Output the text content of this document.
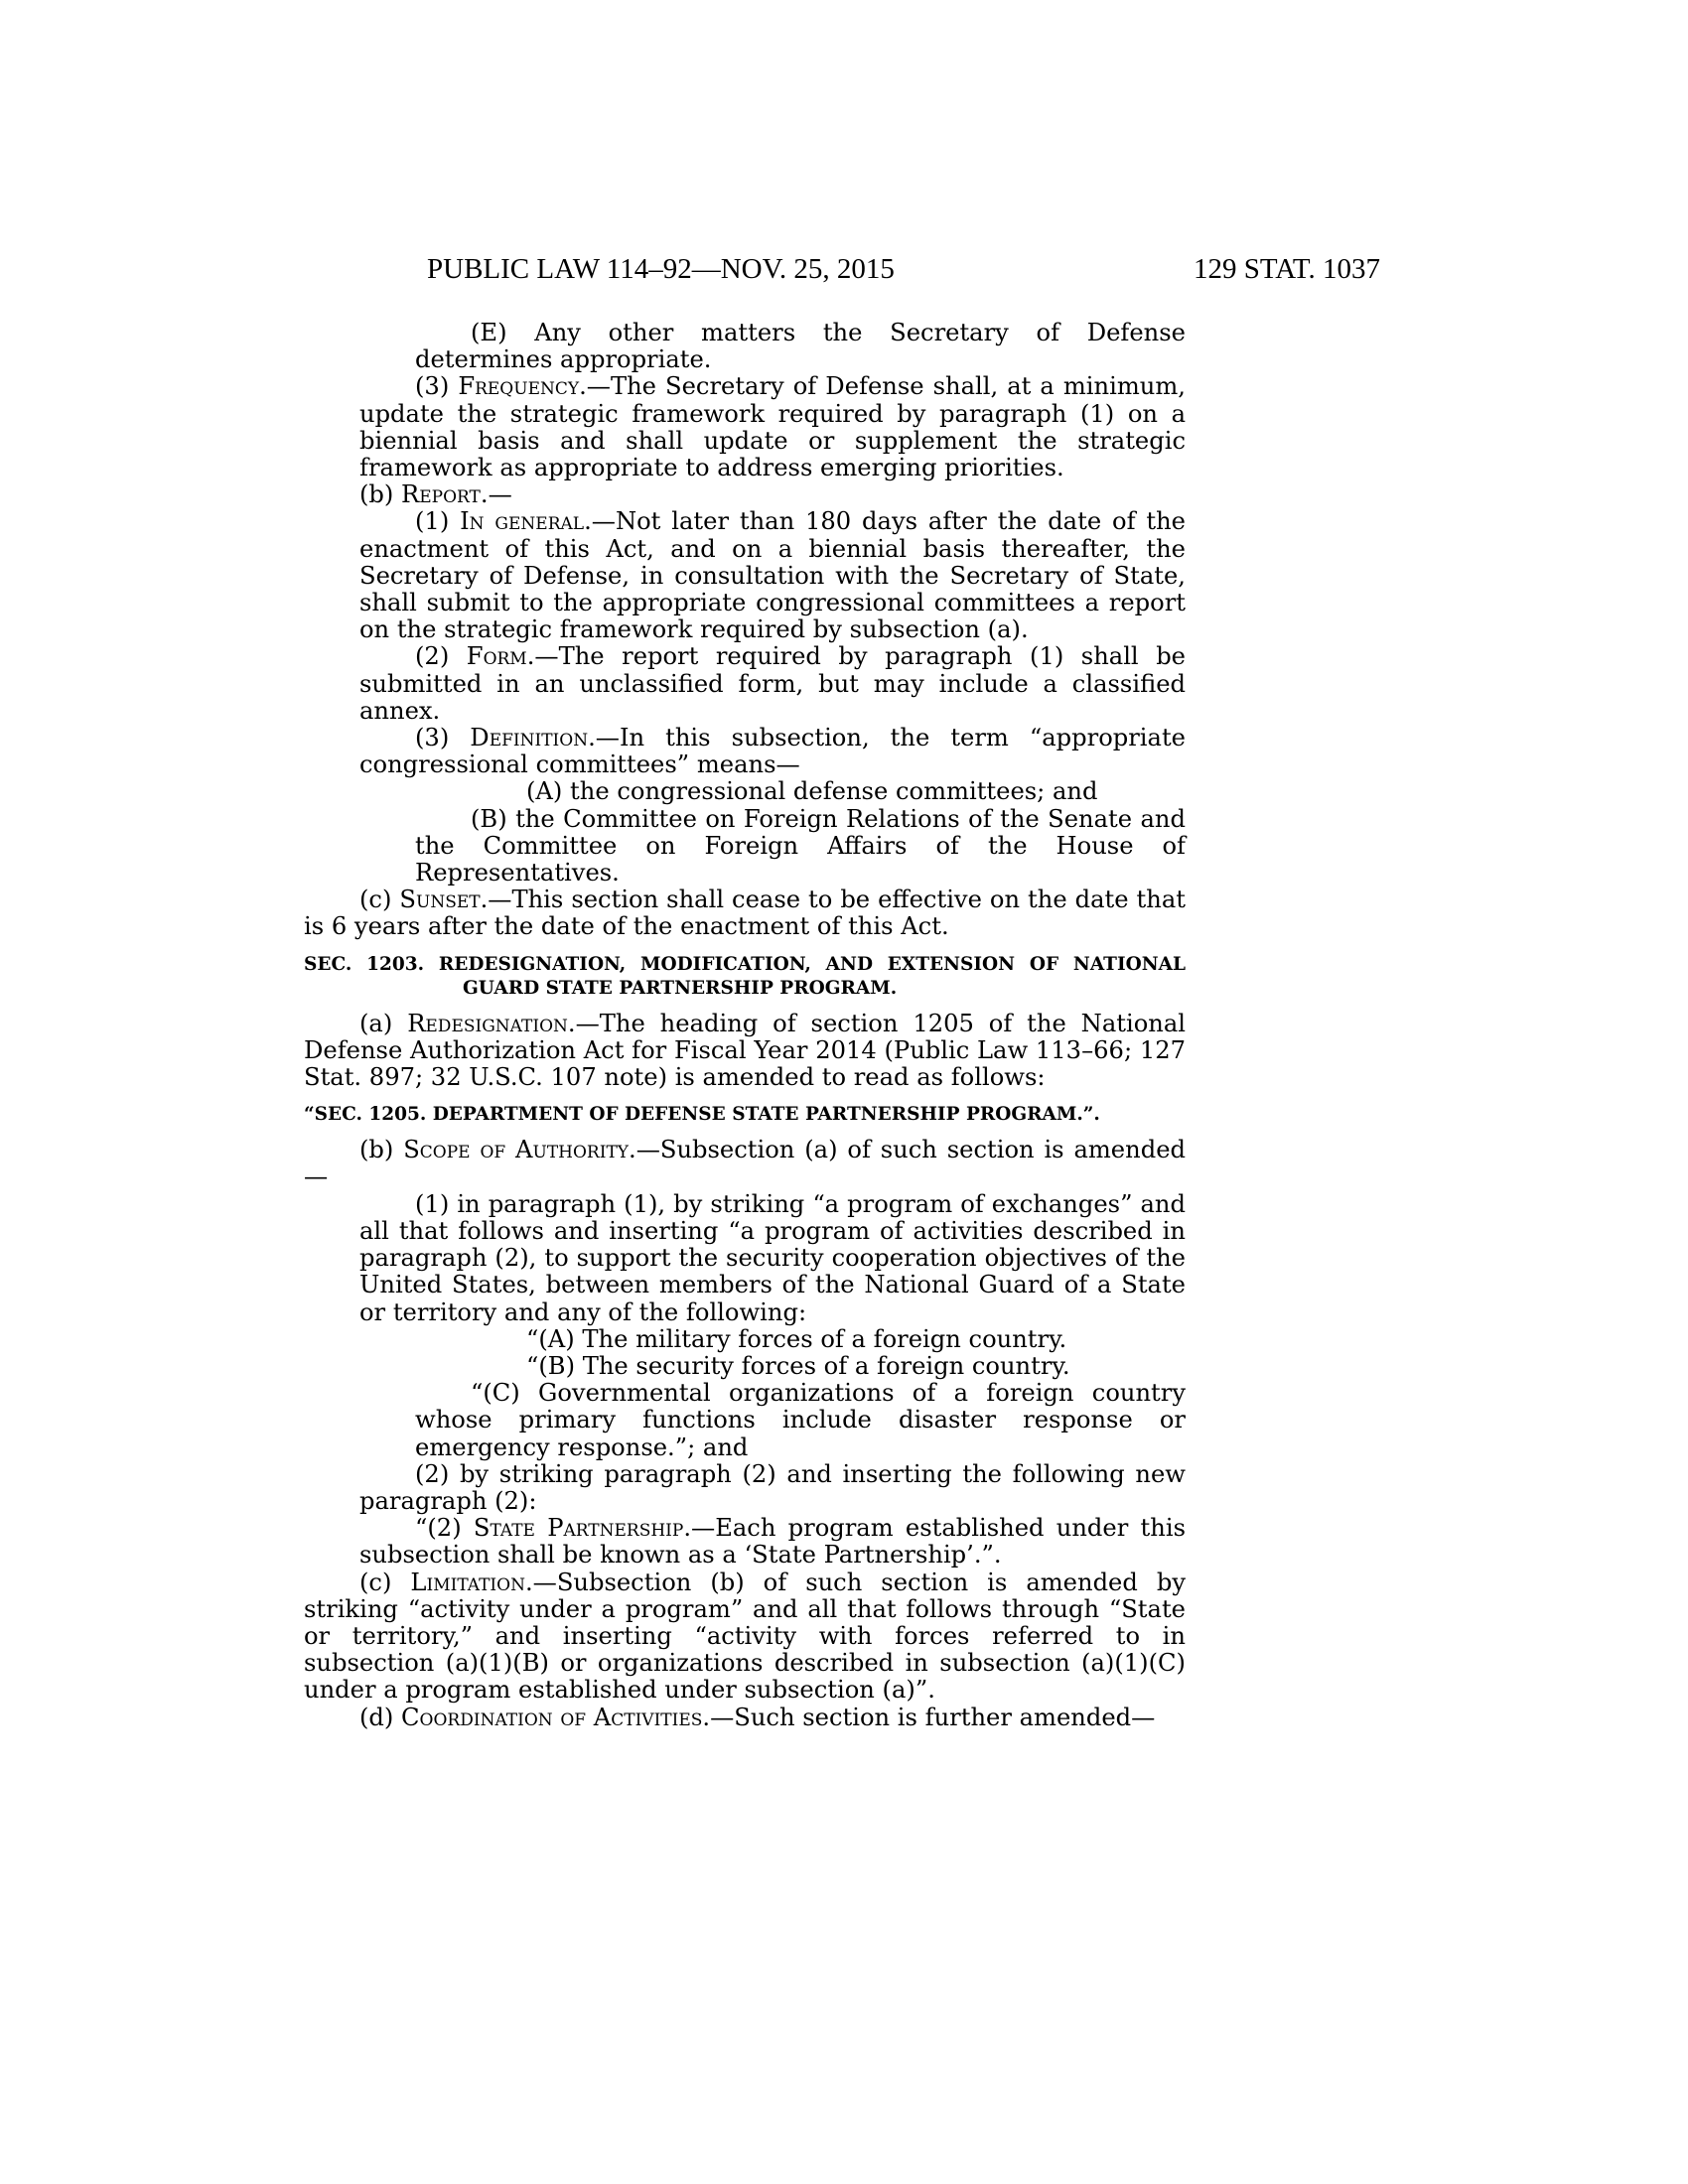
PUBLIC LAW 114–92—NOV. 25, 2015	129 STAT. 1037

(E) Any other matters the Secretary of Defense determines appropriate.

(3) Frequency.—The Secretary of Defense shall, at a minimum, update the strategic framework required by paragraph (1) on a biennial basis and shall update or supplement the strategic framework as appropriate to address emerging priorities.

(b) Report.—

(1) In general.—Not later than 180 days after the date of the enactment of this Act, and on a biennial basis thereafter, the Secretary of Defense, in consultation with the Secretary of State, shall submit to the appropriate congressional committees a report on the strategic framework required by subsection (a).

(2) Form.—The report required by paragraph (1) shall be submitted in an unclassified form, but may include a classified annex.

(3) Definition.—In this subsection, the term “appropriate congressional committees” means—

(A) the congressional defense committees; and

(B) the Committee on Foreign Relations of the Senate and the Committee on Foreign Affairs of the House of Representatives.

(c) Sunset.—This section shall cease to be effective on the date that is 6 years after the date of the enactment of this Act.

SEC. 1203. REDESIGNATION, MODIFICATION, AND EXTENSION OF NATIONAL GUARD STATE PARTNERSHIP PROGRAM.

(a) Redesignation.—The heading of section 1205 of the National Defense Authorization Act for Fiscal Year 2014 (Public Law 113–66; 127 Stat. 897; 32 U.S.C. 107 note) is amended to read as follows:

“SEC. 1205. DEPARTMENT OF DEFENSE STATE PARTNERSHIP PROGRAM.”.

(b) Scope of Authority.—Subsection (a) of such section is amended—

(1) in paragraph (1), by striking “a program of exchanges” and all that follows and inserting “a program of activities described in paragraph (2), to support the security cooperation objectives of the United States, between members of the National Guard of a State or territory and any of the following:

“(A) The military forces of a foreign country.

“(B) The security forces of a foreign country.

“(C) Governmental organizations of a foreign country whose primary functions include disaster response or emergency response.”; and

(2) by striking paragraph (2) and inserting the following new paragraph (2):

“(2) State Partnership.—Each program established under this subsection shall be known as a ‘State Partnership’.”.

(c) Limitation.—Subsection (b) of such section is amended by striking “activity under a program” and all that follows through “State or territory,” and inserting “activity with forces referred to in subsection (a)(1)(B) or organizations described in subsection (a)(1)(C) under a program established under subsection (a)”.

(d) Coordination of Activities.—Such section is further amended—
